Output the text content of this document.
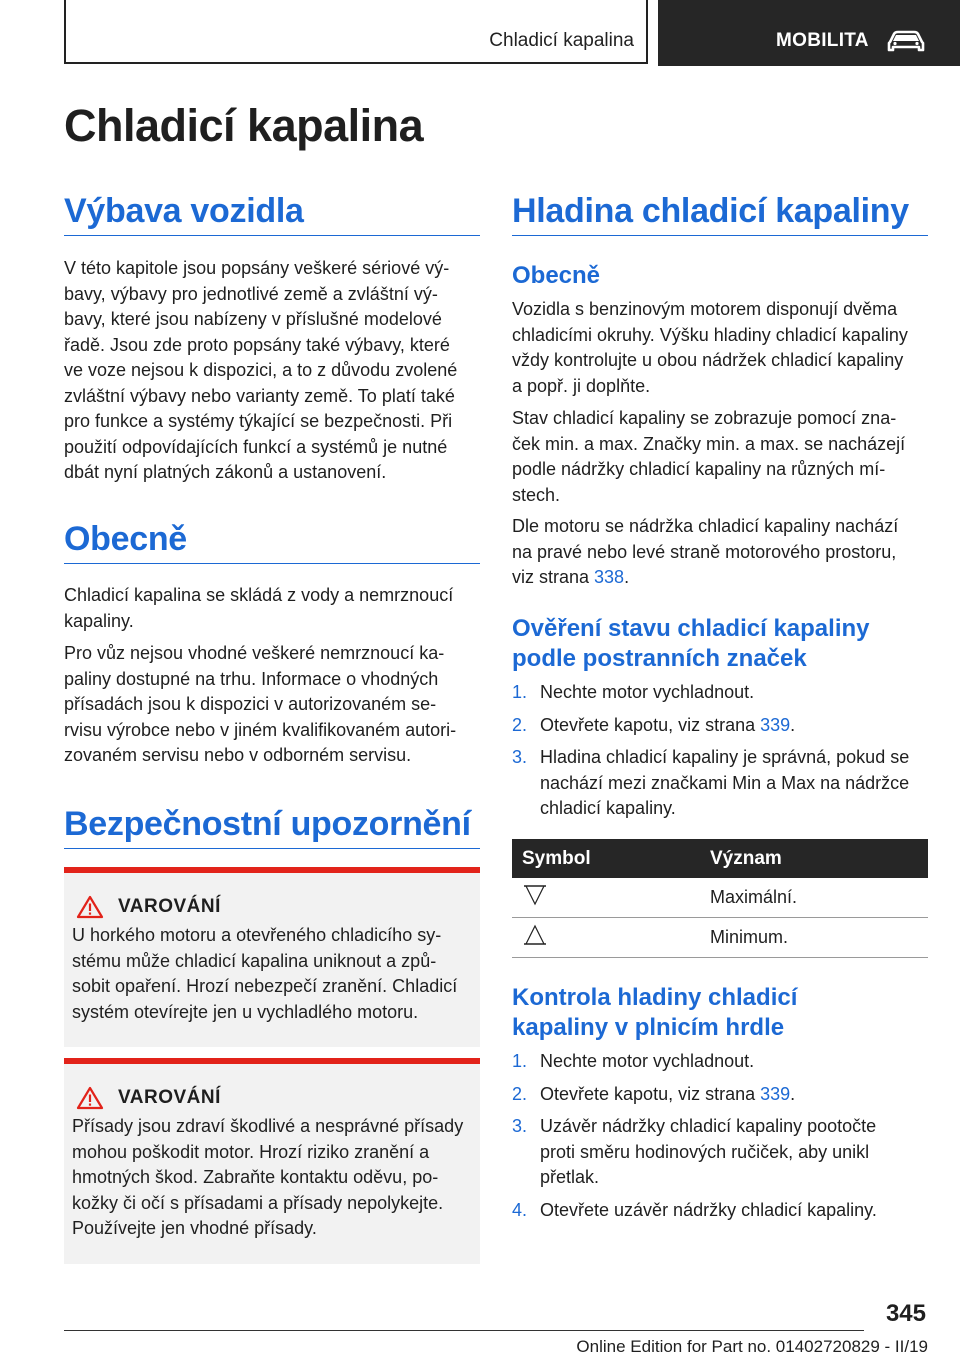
Chladicí kapalina	MOBILITA
Chladicí kapalina
Výbava vozidla
V této kapitole jsou popsány veškeré sériové vý‐
bavy, výbavy pro jednotlivé země a zvláštní vý‐
bavy, které jsou nabízeny v příslušné modelové
řadě. Jsou zde proto popsány také výbavy, které
ve voze nejsou k dispozici, a to z důvodu zvolené
zvláštní výbavy nebo varianty země. To platí také
pro funkce a systémy týkající se bezpečnosti. Při
použití odpovídajících funkcí a systémů je nutné
dbát nyní platných zákonů a ustanovení.
Obecně
Chladicí kapalina se skládá z vody a nemrznoucí
kapaliny.
Pro vůz nejsou vhodné veškeré nemrznoucí ka‐
paliny dostupné na trhu. Informace o vhodných
přísadách jsou k dispozici v autorizovaném se‐
rvisu výrobce nebo v jiném kvalifikovaném autori‐
zovaném servisu nebo v odborném servisu.
Bezpečnostní upozornění
VAROVÁNÍ
U horkého motoru a otevřeného chladicího sy‐
stému může chladicí kapalina uniknout a způ‐
sobit opaření. Hrozí nebezpečí zranění. Chladicí
systém otevírejte jen u vychladlého motoru.
VAROVÁNÍ
Přísady jsou zdraví škodlivé a nesprávné přísady
mohou poškodit motor. Hrozí riziko zranění a
hmotných škod. Zabraňte kontaktu oděvu, po‐
kožky či očí s přísadami a přísady nepolykejte.
Používejte jen vhodné přísady.
Hladina chladicí kapaliny
Obecně
Vozidla s benzinovým motorem disponují dvěma
chladicími okruhy. Výšku hladiny chladicí kapaliny
vždy kontrolujte u obou nádržek chladicí kapaliny
a popř. ji doplňte.
Stav chladicí kapaliny se zobrazuje pomocí zna‐
ček min. a max. Značky min. a max. se nacházejí
podle nádržky chladicí kapaliny na různých mí‐
stech.
Dle motoru se nádržka chladicí kapaliny nachází
na pravé nebo levé straně motorového prostoru,
viz strana 338.
Ověření stavu chladicí kapaliny
podle postranních značek
1. Nechte motor vychladnout.
2. Otevřete kapotu, viz strana 339.
3. Hladina chladicí kapaliny je správná, pokud se
nachází mezi značkami Min a Max na nádržce
chladicí kapaliny.
Symbol	Význam
	Maximální.
	Minimum.
Kontrola hladiny chladicí
kapaliny v plnicím hrdle
1. Nechte motor vychladnout.
2. Otevřete kapotu, viz strana 339.
3. Uzávěr nádržky chladicí kapaliny pootočte
proti směru hodinových ručiček, aby unikl
přetlak.
4. Otevřete uzávěr nádržky chladicí kapaliny.
345
Online Edition for Part no. 01402720829 - II/19
